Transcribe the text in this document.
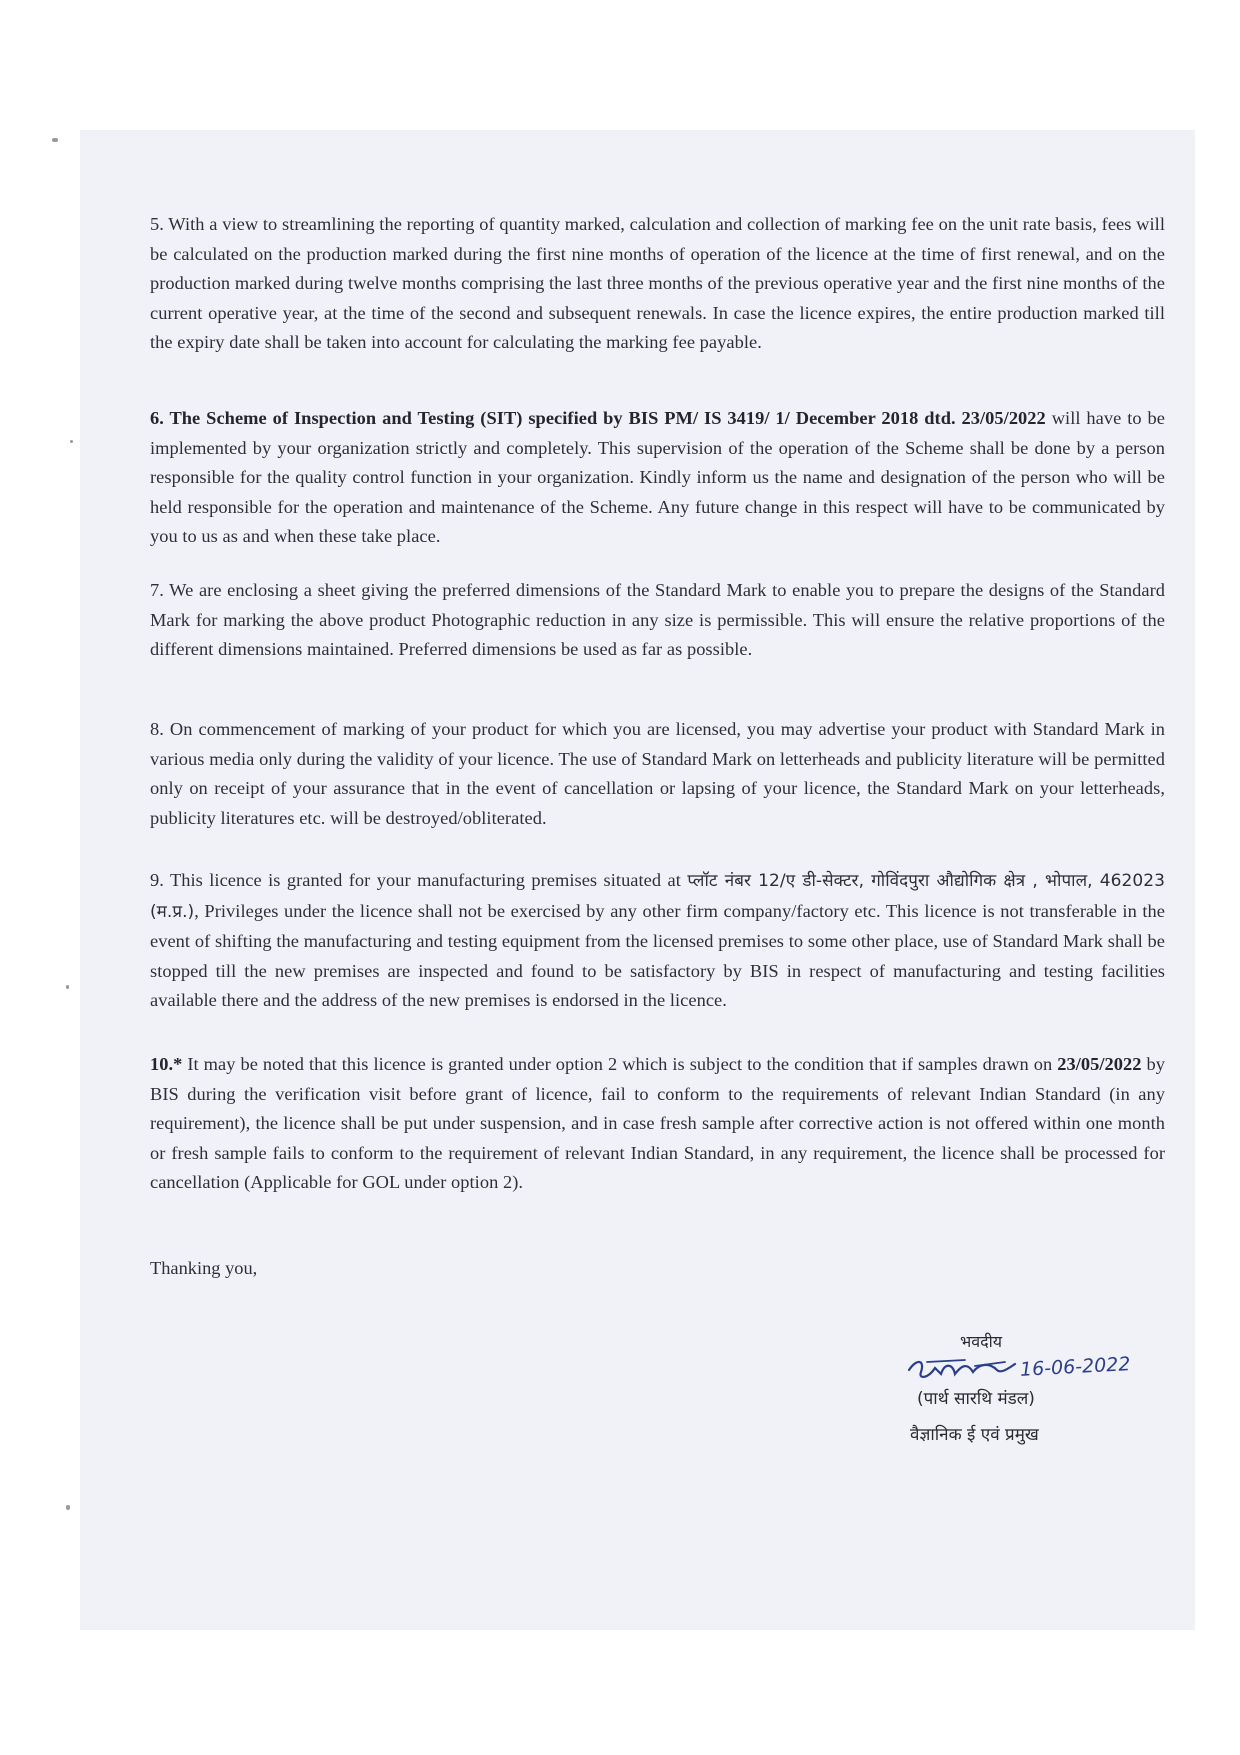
5. With a view to streamlining the reporting of quantity marked, calculation and collection of marking fee on the unit rate basis, fees will be calculated on the production marked during the first nine months of operation of the licence at the time of first renewal, and on the production marked during twelve months comprising the last three months of the previous operative year and the first nine months of the current operative year, at the time of the second and subsequent renewals. In case the licence expires, the entire production marked till the expiry date shall be taken into account for calculating the marking fee payable.

6. The Scheme of Inspection and Testing (SIT) specified by BIS PM/ IS 3419/ 1/ December 2018 dtd. 23/05/2022 will have to be implemented by your organization strictly and completely. This supervision of the operation of the Scheme shall be done by a person responsible for the quality control function in your organization. Kindly inform us the name and designation of the person who will be held responsible for the operation and maintenance of the Scheme. Any future change in this respect will have to be communicated by you to us as and when these take place.

7. We are enclosing a sheet giving the preferred dimensions of the Standard Mark to enable you to prepare the designs of the Standard Mark for marking the above product Photographic reduction in any size is permissible. This will ensure the relative proportions of the different dimensions maintained. Preferred dimensions be used as far as possible.

8. On commencement of marking of your product for which you are licensed, you may advertise your product with Standard Mark in various media only during the validity of your licence. The use of Standard Mark on letterheads and publicity literature will be permitted only on receipt of your assurance that in the event of cancellation or lapsing of your licence, the Standard Mark on your letterheads, publicity literatures etc. will be destroyed/obliterated.

9. This licence is granted for your manufacturing premises situated at प्लॉट नंबर 12/ए डी-सेक्टर, गोविंदपुरा औद्योगिक क्षेत्र , भोपाल, 462023 (म.प्र.), Privileges under the licence shall not be exercised by any other firm company/factory etc. This licence is not transferable in the event of shifting the manufacturing and testing equipment from the licensed premises to some other place, use of Standard Mark shall be stopped till the new premises are inspected and found to be satisfactory by BIS in respect of manufacturing and testing facilities available there and the address of the new premises is endorsed in the licence.

10.* It may be noted that this licence is granted under option 2 which is subject to the condition that if samples drawn on 23/05/2022 by BIS during the verification visit before grant of licence, fail to conform to the requirements of relevant Indian Standard (in any requirement), the licence shall be put under suspension, and in case fresh sample after corrective action is not offered within one month or fresh sample fails to conform to the requirement of relevant Indian Standard, in any requirement, the licence shall be processed for cancellation (Applicable for GOL under option 2).

Thanking you,

भवदीय
16-06-2022
(पार्थ सारथि मंडल)
वैज्ञानिक ई एवं प्रमुख
